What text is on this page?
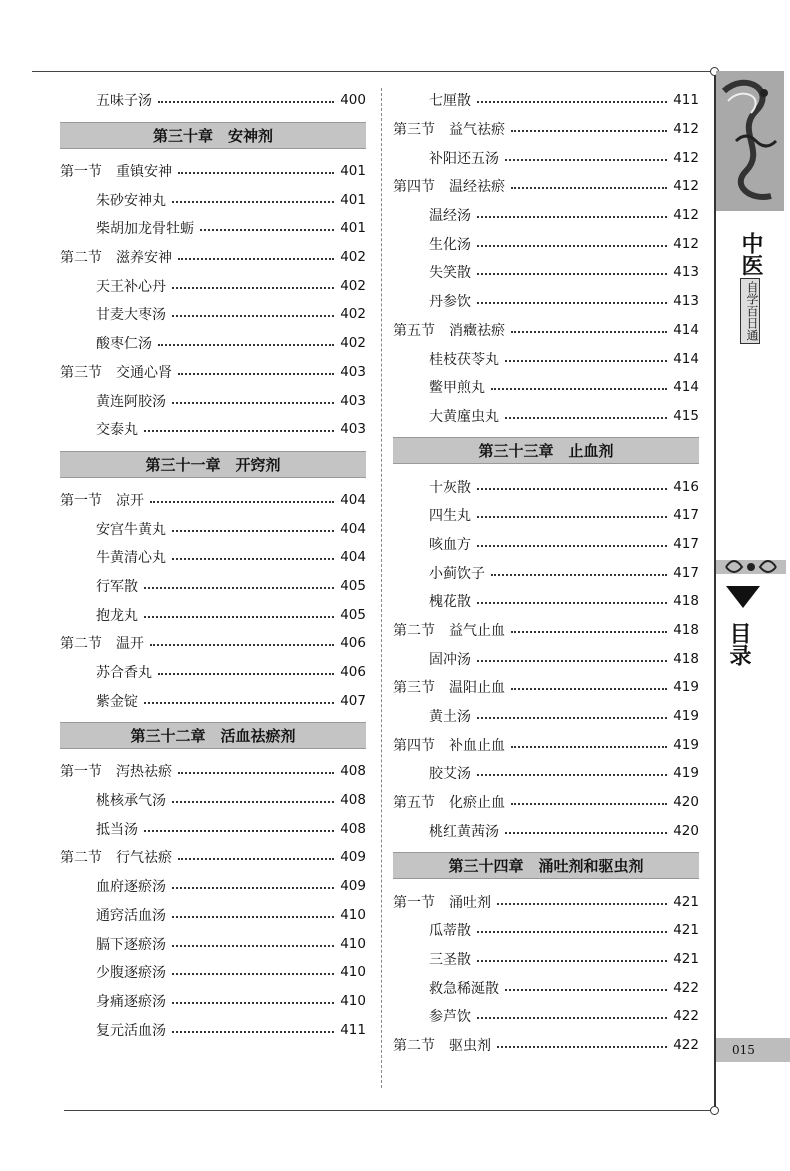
五味子汤	400
第三十章　安神剂
第一节　重镇安神	401
朱砂安神丸	401
柴胡加龙骨牡蛎	401
第二节　滋养安神	402
天王补心丹	402
甘麦大枣汤	402
酸枣仁汤	402
第三节　交通心肾	403
黄连阿胶汤	403
交泰丸	403
第三十一章　开窍剂
第一节　凉开	404
安宫牛黄丸	404
牛黄清心丸	404
行军散	405
抱龙丸	405
第二节　温开	406
苏合香丸	406
紫金锭	407
第三十二章　活血祛瘀剂
第一节　泻热祛瘀	408
桃核承气汤	408
抵当汤	408
第二节　行气祛瘀	409
血府逐瘀汤	409
通窍活血汤	410
膈下逐瘀汤	410
少腹逐瘀汤	410
身痛逐瘀汤	410
复元活血汤	411
七厘散	411
第三节　益气祛瘀	412
补阳还五汤	412
第四节　温经祛瘀	412
温经汤	412
生化汤	412
失笑散	413
丹参饮	413
第五节　消癥祛瘀	414
桂枝茯苓丸	414
鳖甲煎丸	414
大黄廑虫丸	415
第三十三章　止血剂
十灰散	416
四生丸	417
咳血方	417
小蓟饮子	417
槐花散	418
第二节　益气止血	418
固冲汤	418
第三节　温阳止血	419
黄土汤	419
第四节　补血止血	419
胶艾汤	419
第五节　化瘀止血	420
桃红黄茜汤	420
第三十四章　涌吐剂和驱虫剂
第一节　涌吐剂	421
瓜蒂散	421
三圣散	421
救急稀涎散	422
参芦饮	422
第二节　驱虫剂	422
中医
自学百日通
目录
015
